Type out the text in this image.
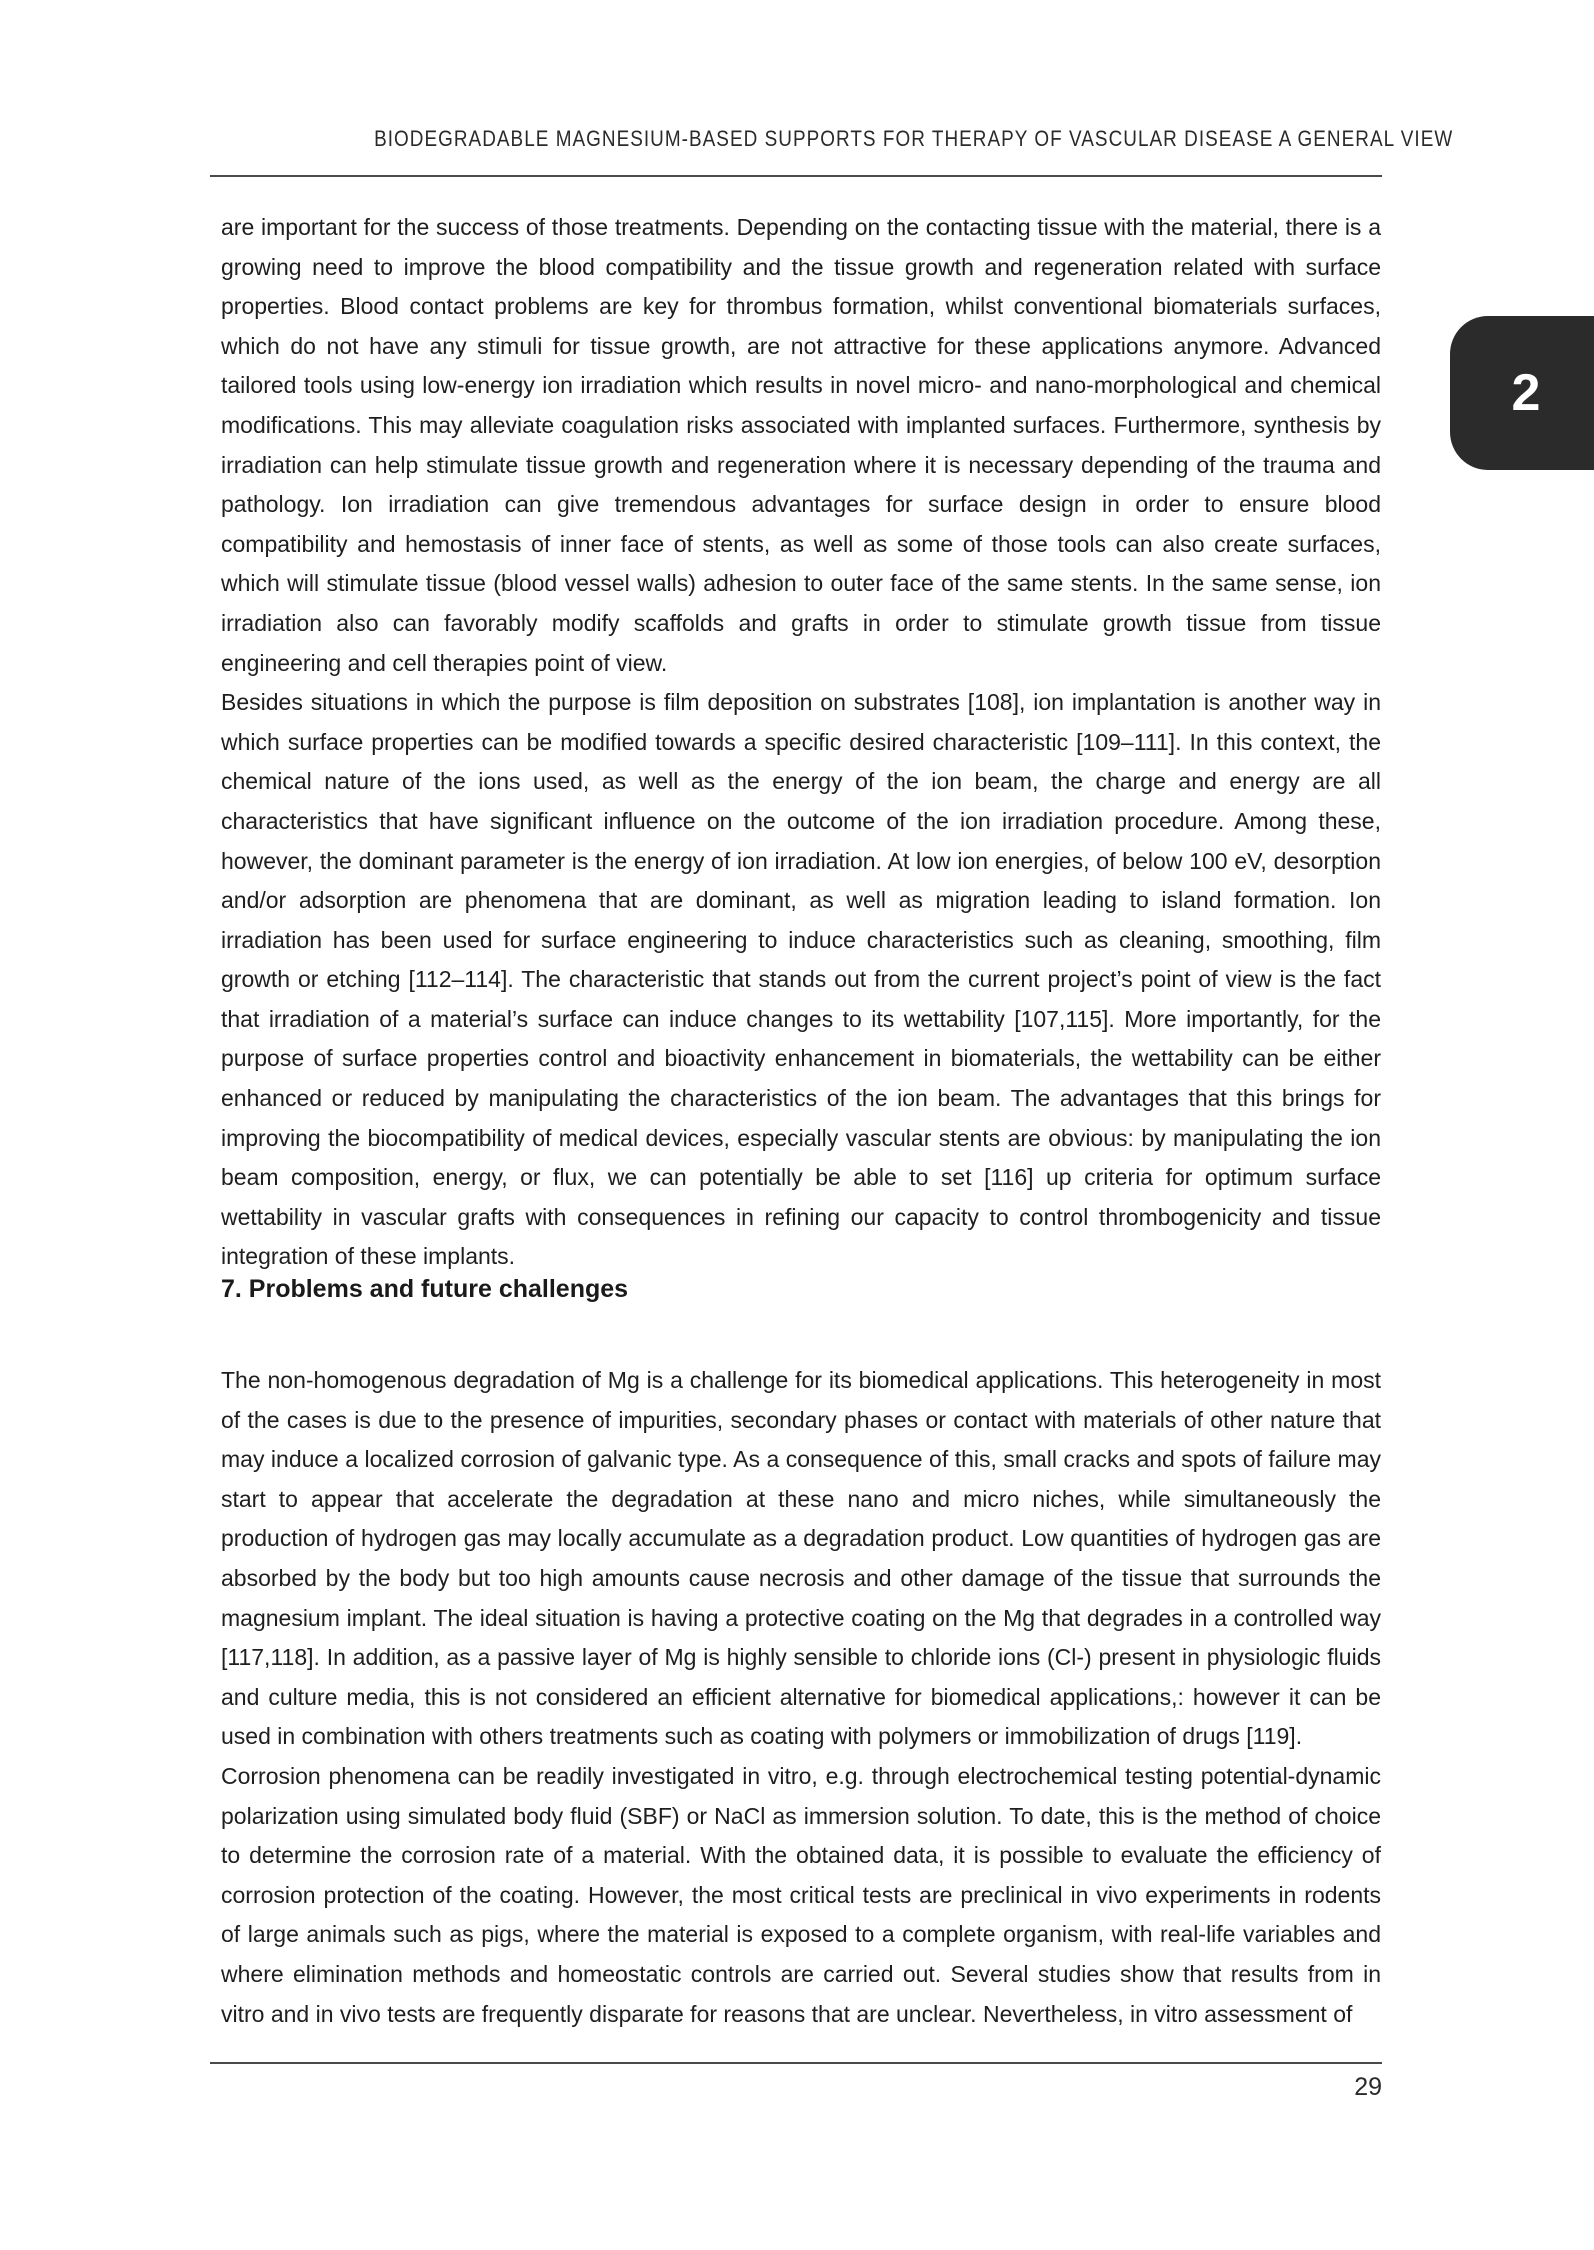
BIODEGRADABLE MAGNESIUM-BASED SUPPORTS FOR THERAPY OF VASCULAR DISEASE A GENERAL VIEW
2

are important for the success of those treatments. Depending on the contacting tissue with the material, there is a growing need to improve the blood compatibility and the tissue growth and regeneration related with surface properties. Blood contact problems are key for thrombus formation, whilst conventional biomaterials surfaces, which do not have any stimuli for tissue growth, are not attractive for these applications anymore. Advanced tailored tools using low-energy ion irradiation which results in novel micro- and nano-morphological and chemical modifications. This may alleviate coagulation risks associated with implanted surfaces. Furthermore, synthesis by irradiation can help stimulate tissue growth and regeneration where it is necessary depending of the trauma and pathology. Ion irradiation can give tremendous advantages for surface design in order to ensure blood compatibility and hemostasis of inner face of stents, as well as some of those tools can also create surfaces, which will stimulate tissue (blood vessel walls) adhesion to outer face of the same stents. In the same sense, ion irradiation also can favorably modify scaffolds and grafts in order to stimulate growth tissue from tissue engineering and cell therapies point of view.

Besides situations in which the purpose is film deposition on substrates [108], ion implantation is another way in which surface properties can be modified towards a specific desired characteristic [109–111]. In this context, the chemical nature of the ions used, as well as the energy of the ion beam, the charge and energy are all characteristics that have significant influence on the outcome of the ion irradiation procedure. Among these, however, the dominant parameter is the energy of ion irradiation. At low ion energies, of below 100 eV, desorption and/or adsorption are phenomena that are dominant, as well as migration leading to island formation. Ion irradiation has been used for surface engineering to induce characteristics such as cleaning, smoothing, film growth or etching [112–114]. The characteristic that stands out from the current project’s point of view is the fact that irradiation of a material’s surface can induce changes to its wettability [107,115]. More importantly, for the purpose of surface properties control and bioactivity enhancement in biomaterials, the wettability can be either enhanced or reduced by manipulating the characteristics of the ion beam. The advantages that this brings for improving the biocompatibility of medical devices, especially vascular stents are obvious: by manipulating the ion beam composition, energy, or flux, we can potentially be able to set [116] up criteria for optimum surface wettability in vascular grafts with consequences in refining our capacity to control thrombogenicity and tissue integration of these implants.

7. Problems and future challenges

The non-homogenous degradation of Mg is a challenge for its biomedical applications. This heterogeneity in most of the cases is due to the presence of impurities, secondary phases or contact with materials of other nature that may induce a localized corrosion of galvanic type. As a consequence of this, small cracks and spots of failure may start to appear that accelerate the degradation at these nano and micro niches, while simultaneously the production of hydrogen gas may locally accumulate as a degradation product. Low quantities of hydrogen gas are absorbed by the body but too high amounts cause necrosis and other damage of the tissue that surrounds the magnesium implant. The ideal situation is having a protective coating on the Mg that degrades in a controlled way [117,118]. In addition, as a passive layer of Mg is highly sensible to chloride ions (Cl-) present in physiologic fluids and culture media, this is not considered an efficient alternative for biomedical applications,: however it can be used in combination with others treatments such as coating with polymers or immobilization of drugs [119].

Corrosion phenomena can be readily investigated in vitro, e.g. through electrochemical testing potential-dynamic polarization using simulated body fluid (SBF) or NaCl as immersion solution. To date, this is the method of choice to determine the corrosion rate of a material. With the obtained data, it is possible to evaluate the efficiency of corrosion protection of the coating. However, the most critical tests are preclinical in vivo experiments in rodents of large animals such as pigs, where the material is exposed to a complete organism, with real-life variables and where elimination methods and homeostatic controls are carried out. Several studies show that results from in vitro and in vivo tests are frequently disparate for reasons that are unclear. Nevertheless, in vitro assessment of

29
